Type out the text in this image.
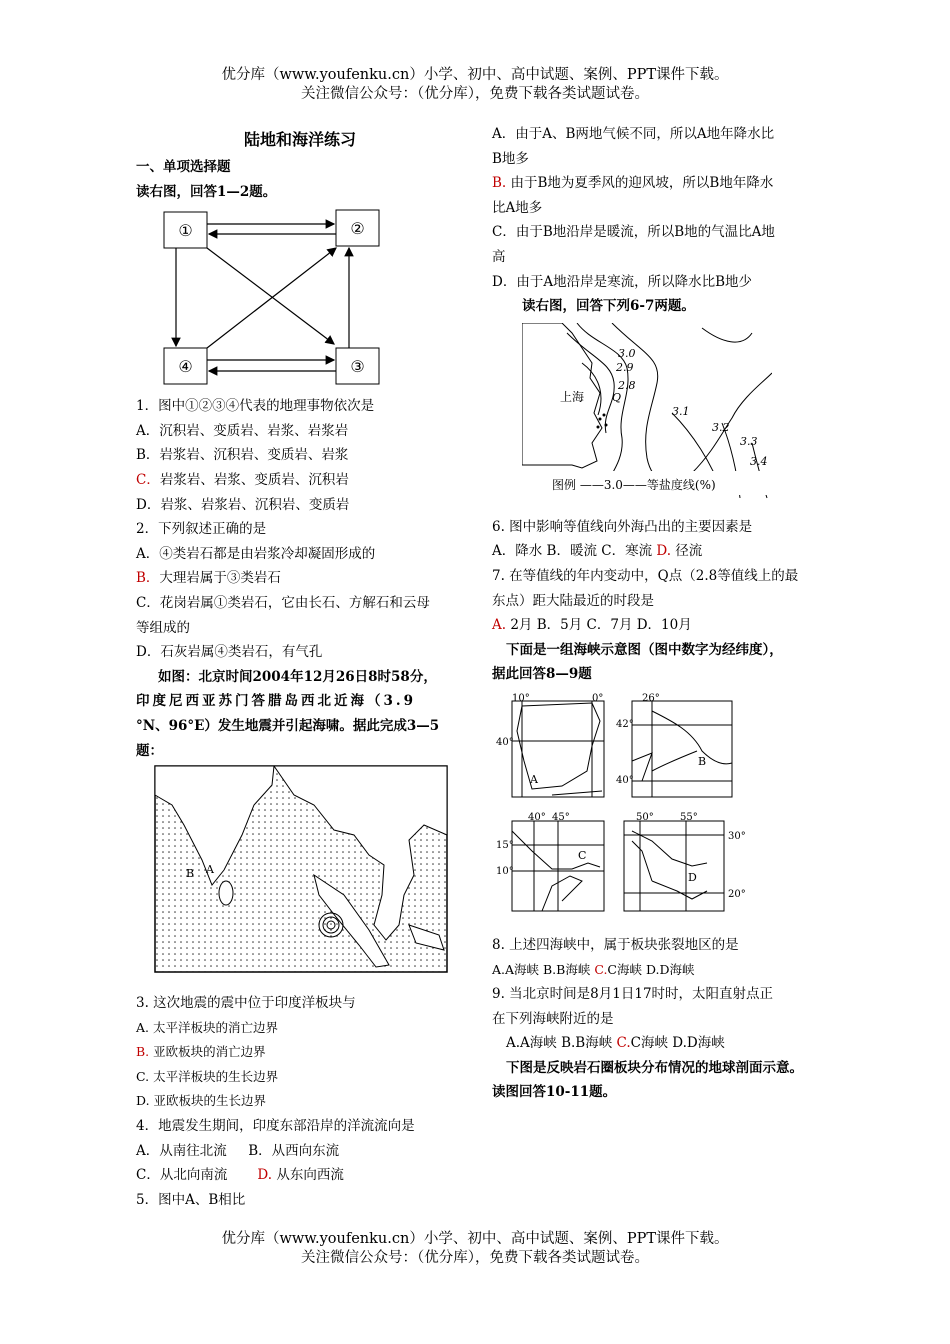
优分库（www.youfenku.cn）小学、初中、高中试题、案例、PPT课件下载。
关注微信公众号：（优分库），免费下载各类试题试卷。
陆地和海洋练习

一、单项选择题

读右图，回答1—2题。

①	②
④	③

1．图中①②③④代表的地理事物依次是

A．沉积岩、变质岩、岩浆、岩浆岩

B．岩浆岩、沉积岩、变质岩、岩浆

C．岩浆岩、岩浆、变质岩、沉积岩

D．岩浆、岩浆岩、沉积岩、变质岩

2．下列叙述正确的是

A．④类岩石都是由岩浆冷却凝固形成的

B．大理岩属于③类岩石

C．花岗岩属①类岩石，它由长石、方解石和云母

等组成的

D．石灰岩属④类岩石，有气孔

如图：北京时间2004年12月26日8时58分，

印度尼西亚苏门答腊岛西北近海（3.9

°N、96°E）发生地震并引起海啸。据此完成3—5

题：

A
B

3. 这次地震的震中位于印度洋板块与

A. 太平洋板块的消亡边界

B. 亚欧板块的消亡边界

C. 太平洋板块的生长边界

D. 亚欧板块的生长边界

4．地震发生期间，印度东部沿岸的洋流流向是

A．从南往北流 B．从西向东流

C．从北向南流 D. 从东向西流

5．图中A、B相比

A．由于A、B两地气候不同，所以A地年降水比

B地多

B. 由于B地为夏季风的迎风坡，所以B地年降水

比A地多

C．由于B地沿岸是暖流，所以B地的气温比A地

高

D．由于A地沿岸是寒流，所以降水比B地少

读右图，回答下列6-7两题。

上海
3.0
2.9
2.8
Q
3.1
3.2
3.3
3.4
图例 ——3.0——等盐度线(%)

6. 图中影响等值线向外海凸出的主要因素是

A．降水 B．暖流 C．寒流 D. 径流

7. 在等值线的年内变动中，Q点（2.8等值线上的最

东点）距大陆最近的时段是

A. 2月 B．5月 C．7月 D．10月

下面是一组海峡示意图（图中数字为经纬度），

据此回答8—9题

10°	0°
40°
A
26°
42°
40°
B
40° 45°
15°
10°
C
50°	55°
30°
20°
D

8. 上述四海峡中，属于板块张裂地区的是

A.A海峡 B.B海峡 C.C海峡 D.D海峡

9. 当北京时间是8月1日17时时，太阳直射点正

在下列海峡附近的是

A.A海峡 B.B海峡 C.C海峡 D.D海峡

下图是反映岩石圈板块分布情况的地球剖面示意。

读图回答10-11题。

优分库（www.youfenku.cn）小学、初中、高中试题、案例、PPT课件下载。
关注微信公众号：（优分库），免费下载各类试题试卷。
